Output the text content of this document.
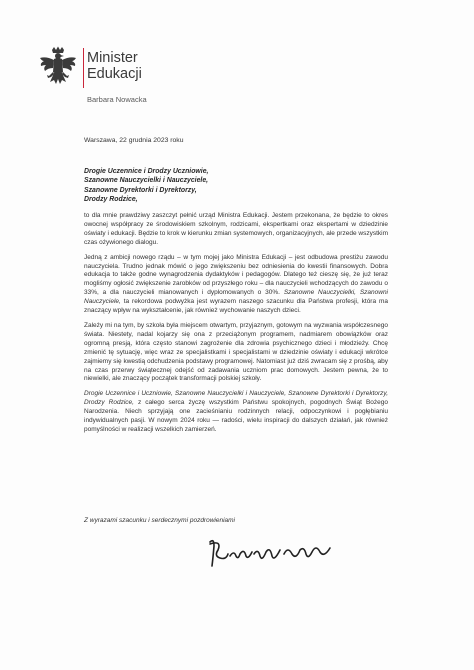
Minister
Edukacji
Barbara Nowacka
Warszawa, 22 grudnia 2023 roku
Drogie Uczennice i Drodzy Uczniowie,
Szanowne Nauczycielki i Nauczyciele,
Szanowne Dyrektorki i Dyrektorzy,
Drodzy Rodzice,

to dla mnie prawdziwy zaszczyt pełnić urząd Ministra Edukacji. Jestem przekonana, że będzie to okres owocnej współpracy ze środowiskiem szkolnym, rodzicami, ekspertkami oraz ekspertami w dziedzinie oświaty i edukacji. Będzie to krok w kierunku zmian systemowych, organizacyjnych, ale przede wszystkim czas ożywionego dialogu.

Jedną z ambicji nowego rządu – w tym mojej jako Ministra Edukacji – jest odbudowa prestiżu zawodu nauczyciela. Trudno jednak mówić o jego zwiększeniu bez odniesienia do kwestii finansowych. Dobra edukacja to także godne wynagrodzenia dydaktyków i pedagogów. Dlatego też cieszę się, że już teraz mogliśmy ogłosić zwiększenie zarobków od przyszłego roku – dla nauczycieli wchodzących do zawodu o 33%, a dla nauczycieli mianowanych i dyplomowanych o 30%. Szanowne Nauczycielki, Szanowni Nauczyciele, ta rekordowa podwyżka jest wyrazem naszego szacunku dla Państwa profesji, która ma znaczący wpływ na wykształcenie, jak również wychowanie naszych dzieci.

Zależy mi na tym, by szkoła była miejscem otwartym, przyjaznym, gotowym na wyzwania współczesnego świata. Niestety, nadal kojarzy się ona z przeciążonym programem, nadmiarem obowiązków oraz ogromną presją, która często stanowi zagrożenie dla zdrowia psychicznego dzieci i młodzieży. Chcę zmienić tę sytuację, więc wraz ze specjalistkami i specjalistami w dziedzinie oświaty i edukacji wkrótce zajmiemy się kwestią odchudzenia podstawy programowej. Natomiast już dziś zwracam się z prośbą, aby na czas przerwy świątecznej odejść od zadawania uczniom prac domowych. Jestem pewna, że to niewielki, ale znaczący początek transformacji polskiej szkoły.

Drogie Uczennice i Uczniowie, Szanowne Nauczycielki i Nauczyciele, Szanowne Dyrektorki i Dyrektorzy, Drodzy Rodzice, z całego serca życzę wszystkim Państwu spokojnych, pogodnych Świąt Bożego Narodzenia. Niech sprzyjają one zacieśnianiu rodzinnych relacji, odpoczynkowi i pogłębianiu indywidualnych pasji. W nowym 2024 roku — radości, wielu inspiracji do dalszych działań, jak również pomyślności w realizacji wszelkich zamierzeń.

Z wyrazami szacunku i serdecznymi pozdrowieniami
